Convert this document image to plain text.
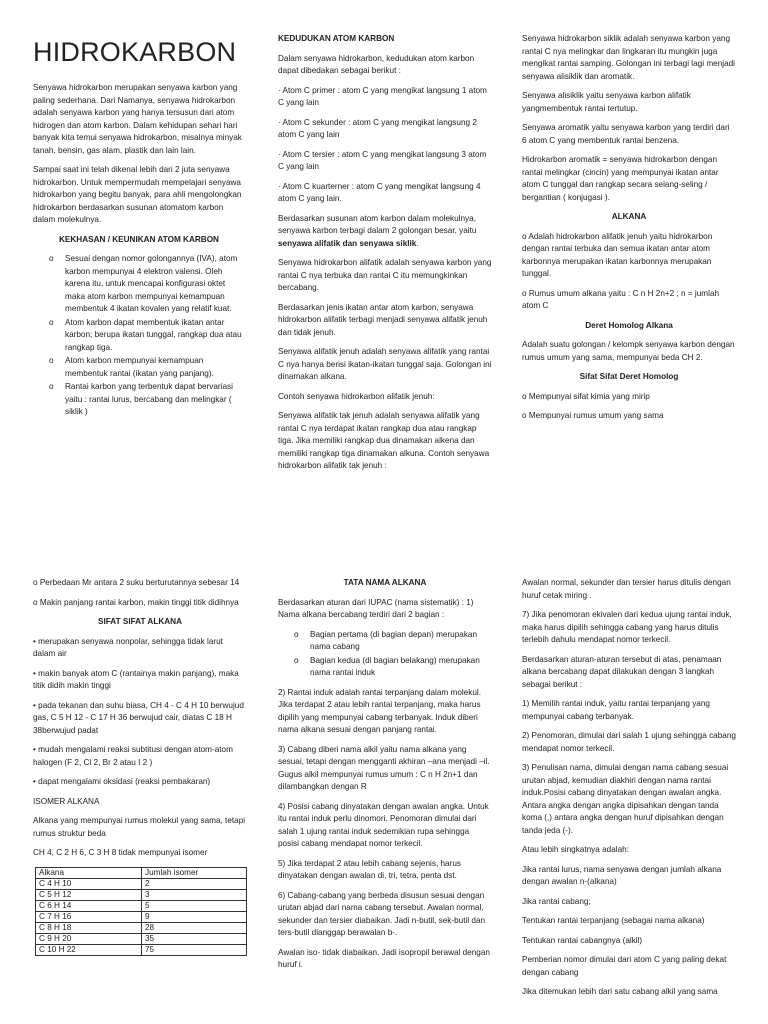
HIDROKARBON

Senyawa hidrokarbon merupakan senyawa karbon yang paling sederhana. Dari Namanya, senyawa hidrokarbon adalah senyawa karbon yang hanya tersusun dari atom hidrogen dan atom karbon. Dalam kehidupan sehari hari banyak kita temui senyawa hidrokarbon, misalnya minyak tanah, bensin, gas alam, plastik dan lain lain.

Sampai saat ini telah dikenal lebih dari 2 juta senyawa hidrokarbon. Untuk mempermudah mempelajari senyawa hidrokarbon yang begitu banyak, para ahli mengolongkan hidrokarbon berdasarkan susunan atomatom karbon dalam molekulnya.

KEKHASAN / KEUNIKAN ATOM KARBON

o Sesuai dengan nomor golongannya (IVA), atom karbon mempunyai 4 elektron valensi. Oleh karena itu, untuk mencapai konfigurasi oktet maka atom karbon mempunyai kemampuan membentuk 4 ikatan kovalen yang relatif kuat.
o Atom karbon dapat membentuk ikatan antar karbon; berupa ikatan tunggal, rangkap dua atau rangkap tiga.
o Atom karbon mempunyai kemampuan membentuk rantai (ikatan yang panjang).
o Rantai karbon yang terbentuk dapat bervariasi yaitu : rantai lurus, bercabang dan melingkar ( siklik )

KEDUDUKAN ATOM KARBON

Dalam senyawa hidrokarbon, kedudukan atom karbon dapat dibedakan sebagai berikut :

· Atom C primer : atom C yang mengikat langsung 1 atom C yang lain

· Atom C sekunder : atom C yang mengikat langsung 2 atom C yang lain

· Atom C tersier : atom C yang mengikat langsung 3 atom C yang lain

· Atom C kuarterner : atom C yang mengikat langsung 4 atom C yang lain.

Berdasarkan susunan atom karbon dalam molekulnya, senyawa karbon terbagi dalam 2 golongan besar, yaitu senyawa alifatik dan senyawa siklik.

Senyawa hidrokarbon alifatik adalah senyawa karbon yang rantai C nya terbuka dan rantai C itu memungkinkan bercabang.

Berdasarkan jenis ikatan antar atom karbon, senyawa hidrokarbon alifatik terbagi menjadi senyawa alifatik jenuh dan tidak jenuh.

Senyawa alifatik jenuh adalah senyawa alifatik yang rantai C nya hanya berisi ikatan-ikatan tunggal saja. Golongan ini dinamakan alkana.

Contoh senyawa hidrokarbon alifatik jenuh:

Senyawa alifatik tak jenuh adalah senyawa alifatik yang rantai C nya terdapat ikatan rangkap dua atau rangkap tiga. Jika memiliki rangkap dua dinamakan alkena dan memiliki rangkap tiga dinamakan alkuna. Contoh senyawa hidrokarbon alifatik tak jenuh :

Senyawa hidrokarbon siklik adalah senyawa karbon yang rantai C nya melingkar dan lingkaran itu mungkin juga mengikat rantai samping. Golongan ini terbagi lagi menjadi senyawa alisiklik dan aromatik.

Senyawa alisiklik yaitu senyawa karbon alifatik yangmembentuk rantai tertutup.

Senyawa aromatik yaitu senyawa karbon yang terdiri dari 6 atom C yang membentuk rantai benzena.

Hidrokarbon aromatik = senyawa hidrokarbon dengan rantai melingkar (cincin) yang mempunyai ikatan antar atom C tunggal dan rangkap secara selang-seling / bergantian ( konjugasi ).

ALKANA

o Adalah hidrokarbon alifatik jenuh yaitu hidrokarbon dengan rantai terbuka dan semua ikatan antar atom karbonnya merupakan ikatan karbonnya merupakan tunggal.

o Rumus umum alkana yaitu : C n H 2n+2 ; n = jumlah atom C

Deret Homolog Alkana

Adalah suatu golongan / kelompk senyawa karbon dengan rumus umum yang sama, mempunyai beda CH 2.

Sifat Sifat Deret Homolog

o Mempunyai sifat kimia yang mirip

o Mempunyai rumus umum yang sama

o Perbedaan Mr antara 2 suku berturutannya sebesar 14

o Makin panjang rantai karbon, makin tinggi titik didihnya

SIFAT SIFAT ALKANA

• merupakan senyawa nonpolar, sehingga tidak larut dalam air

• makin banyak atom C (rantainya makin panjang), maka titik didih makin tinggi

• pada tekanan dan suhu biasa, CH 4 - C 4 H 10 berwujud gas, C 5 H 12 - C 17 H 36 berwujud cair, diatas C 18 H 38berwujud padat

• mudah mengalami reaksi subtitusi dengan atom-atom halogen (F 2, Cl 2, Br 2 atau I 2 )

• dapat mengalami oksidasi (reaksi pembakaran)

ISOMER ALKANA

Alkana yang mempunyai rumus molekul yang sama, tetapi rumus struktur beda

CH 4, C 2 H 6, C 3 H 8 tidak mempunyai isomer

Alkana	Jumlah isomer
C 4 H 10	2
C 5 H 12	3
C 6 H 14	5
C 7 H 16	9
C 8 H 18	28
C 9 H 20	35
C 10 H 22	75

TATA NAMA ALKANA

Berdasarkan aturan dari IUPAC (nama sistematik) : 1) Nama alkana bercabang terdiri dari 2 bagian :

o Bagian pertama (di bagian depan) merupakan nama cabang
o Bagian kedua (di bagian belakang) merupakan nama rantai induk

2) Rantai induk adalah rantai terpanjang dalam molekul. Jika terdapat 2 atau lebih rantai terpanjang, maka harus dipilih yang mempunyai cabang terbanyak. Induk diberi nama alkana sesuai dengan panjang rantai.

3) Cabang diberi nama alkil yaitu nama alkana yang sesuai, tetapi dengan mengganti akhiran –ana menjadi –il. Gugus alkil mempunyai rumus umum : C n H 2n+1 dan dilambangkan dengan R

4) Posisi cabang dinyatakan dengan awalan angka. Untuk itu rantai induk perlu dinomori. Penomoran dimulai dari salah 1 ujung rantai induk sedemikian rupa sehingga posisi cabang mendapat nomor terkecil.

5) Jika terdapat 2 atau lebih cabang sejenis, harus dinyatakan dengan awalan di, tri, tetra, penta dst.

6) Cabang-cabang yang berbeda disusun sesuai dengan urutan abjad dari nama cabang tersebut. Awalan normal, sekunder dan tersier diabaikan. Jadi n-butil, sek-butil dan ters-butil dianggap berawalan b-.

Awalan iso- tidak diabaikan. Jadi isopropil berawal dengan huruf i.

Awalan normal, sekunder dan tersier harus ditulis dengan huruf cetak miring .

7) Jika penomoran ekivalen dari kedua ujung rantai induk, maka harus dipilih sehingga cabang yang harus ditulis terlebih dahulu mendapat nomor terkecil.

Berdasarkan aturan-aturan tersebut di atas, penamaan alkana bercabang dapat dilakukan dengan 3 langkah sebagai berikut :

1) Memilih rantai induk, yaitu rantai terpanjang yang mempunyai cabang terbanyak.

2) Penomoran, dimulai dari salah 1 ujung sehingga cabang mendapat nomor terkecil.

3) Penulisan nama, dimulai dengan nama cabang sesuai urutan abjad, kemudian diakhiri dengan nama rantai induk.Posisi cabang dinyatakan dengan awalan angka. Antara angka dengan angka dipisahkan dengan tanda koma (,) antara angka dengan huruf dipisahkan dengan tanda jeda (-).

Atau lebih singkatnya adalah:

Jika rantai lurus, nama senyawa dengan jumlah alkana dengan awalan n-(alkana)

Jika rantai cabang;

Tentukan rantai terpanjang (sebagai nama alkana)

Tentukan rantai cabangnya (alkil)

Pemberian nomor dimulai dari atom C yang paling dekat dengan cabang

Jika ditemukan lebih dari satu cabang alkil yang sama
